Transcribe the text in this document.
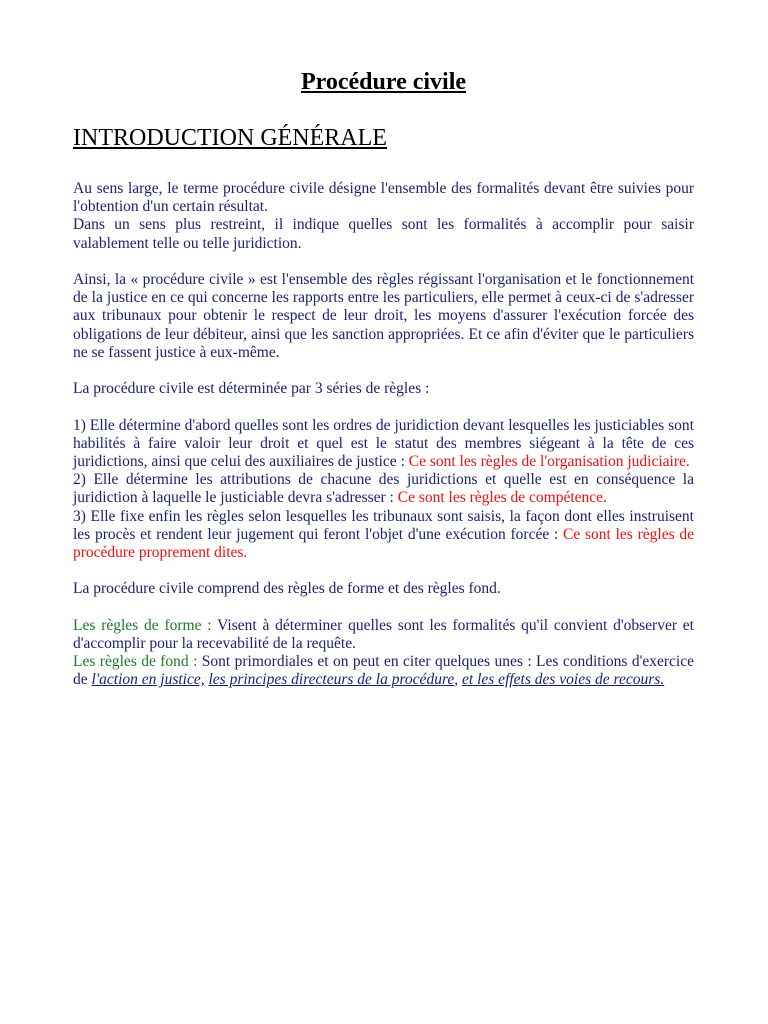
Procédure civile
INTRODUCTION GÉNÉRALE

Au sens large, le terme procédure civile désigne l'ensemble des formalités devant être suivies pour l'obtention d'un certain résultat.

Dans un sens plus restreint, il indique quelles sont les formalités à accomplir pour saisir valablement telle ou telle juridiction.

Ainsi, la « procédure civile » est l'ensemble des règles régissant l'organisation et le fonctionnement de la justice en ce qui concerne les rapports entre les particuliers, elle permet à ceux-ci de s'adresser aux tribunaux pour obtenir le respect de leur droit, les moyens d'assurer l'exécution forcée des obligations de leur débiteur, ainsi que les sanction appropriées. Et ce afin d'éviter que le particuliers ne se fassent justice à eux-même.

La procédure civile est déterminée par 3 séries de règles :

1) Elle détermine d'abord quelles sont les ordres de juridiction devant lesquelles les justiciables sont habilités à faire valoir leur droit et quel est le statut des membres siégeant à la tête de ces juridictions, ainsi que celui des auxiliaires de justice : Ce sont les règles de l'organisation judiciaire.

2) Elle détermine les attributions de chacune des juridictions et quelle est en conséquence la juridiction à laquelle le justiciable devra s'adresser : Ce sont les règles de compétence.

3) Elle fixe enfin les règles selon lesquelles les tribunaux sont saisis, la façon dont elles instruisent les procès et rendent leur jugement qui feront l'objet d'une exécution forcée : Ce sont les règles de procédure proprement dites.

La procédure civile comprend des règles de forme et des règles fond.

Les règles de forme : Visent à déterminer quelles sont les formalités qu'il convient d'observer et d'accomplir pour la recevabilité de la requête.

Les règles de fond : Sont primordiales et on peut en citer quelques unes : Les conditions d'exercice de l'action en justice, les principes directeurs de la procédure, et les effets des voies de recours.
